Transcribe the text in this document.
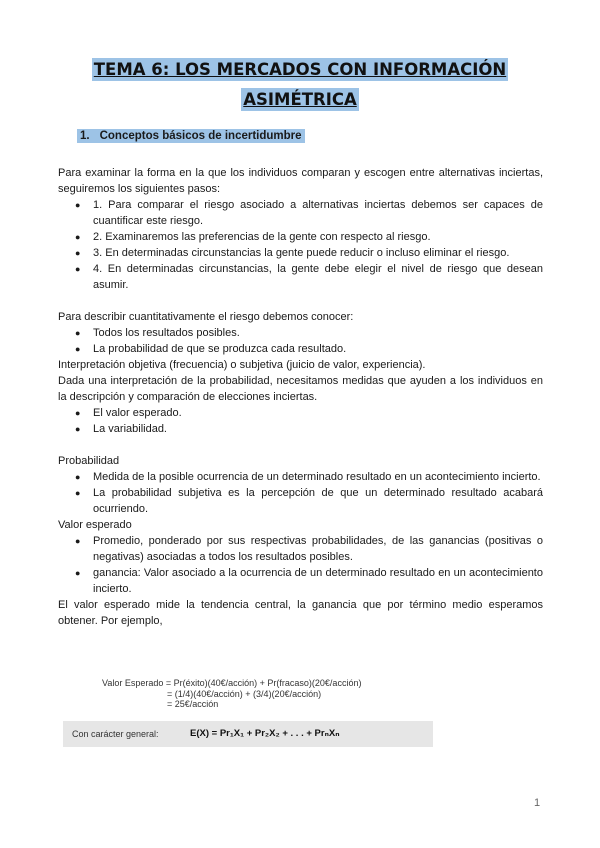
TEMA 6: LOS MERCADOS CON INFORMACIÓN
ASIMÉTRICA
1. Conceptos básicos de incertidumbre

Para examinar la forma en la que los individuos comparan y escogen entre alternativas inciertas, seguiremos los siguientes pasos:

● 1. Para comparar el riesgo asociado a alternativas inciertas debemos ser capaces de cuantificar este riesgo.
● 2. Examinaremos las preferencias de la gente con respecto al riesgo.
● 3. En determinadas circunstancias la gente puede reducir o incluso eliminar el riesgo.
● 4. En determinadas circunstancias, la gente debe elegir el nivel de riesgo que desean asumir.

Para describir cuantitativamente el riesgo debemos conocer:

● Todos los resultados posibles.
● La probabilidad de que se produzca cada resultado.

Interpretación objetiva (frecuencia) o subjetiva (juicio de valor, experiencia).

Dada una interpretación de la probabilidad, necesitamos medidas que ayuden a los individuos en la descripción y comparación de elecciones inciertas.

● El valor esperado.
● La variabilidad.

Probabilidad

● Medida de la posible ocurrencia de un determinado resultado en un acontecimiento incierto.
● La probabilidad subjetiva es la percepción de que un determinado resultado acabará ocurriendo.

Valor esperado

● Promedio, ponderado por sus respectivas probabilidades, de las ganancias (positivas o negativas) asociadas a todos los resultados posibles.
● ganancia: Valor asociado a la ocurrencia de un determinado resultado en un acontecimiento incierto.

El valor esperado mide la tendencia central, la ganancia que por término medio esperamos obtener. Por ejemplo,

Valor Esperado = Pr(éxito)(40€/acción) + Pr(fracaso)(20€/acción)
= (1/4)(40€/acción) + (3/4)(20€/acción)
= 25€/acción
Con carácter general:	E(X) = Pr₁X₁ + Pr₂X₂ + . . . + PrₙXₙ
1
